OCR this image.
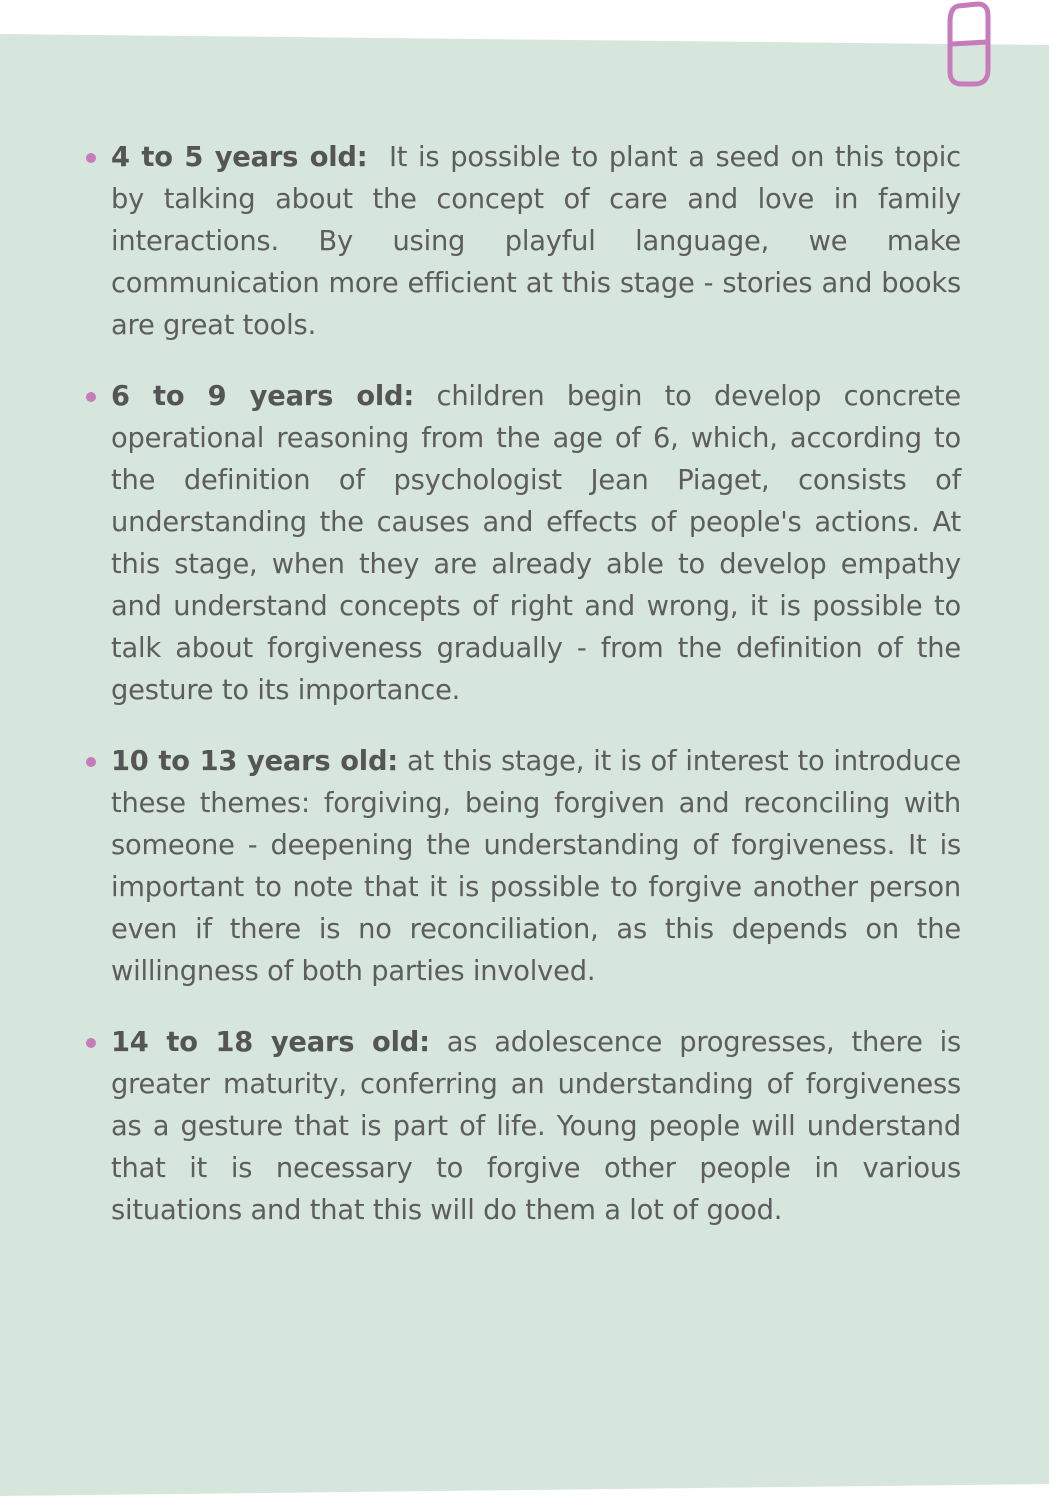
4 to 5 years old: It is possible to plant a seed on this topic by talking about the concept of care and love in family interactions. By using playful language, we make communication more efficient at this stage - stories and books are great tools.
6 to 9 years old: children begin to develop concrete operational reasoning from the age of 6, which, according to the definition of psychologist Jean Piaget, consists of understanding the causes and effects of people's actions. At this stage, when they are already able to develop empathy and understand concepts of right and wrong, it is possible to talk about forgiveness gradually - from the definition of the gesture to its importance.
10 to 13 years old: at this stage, it is of interest to introduce these themes: forgiving, being forgiven and reconciling with someone - deepening the understanding of forgiveness. It is important to note that it is possible to forgive another person even if there is no reconciliation, as this depends on the willingness of both parties involved.
14 to 18 years old: as adolescence progresses, there is greater maturity, conferring an understanding of forgiveness as a gesture that is part of life. Young people will understand that it is necessary to forgive other people in various situations and that this will do them a lot of good.
